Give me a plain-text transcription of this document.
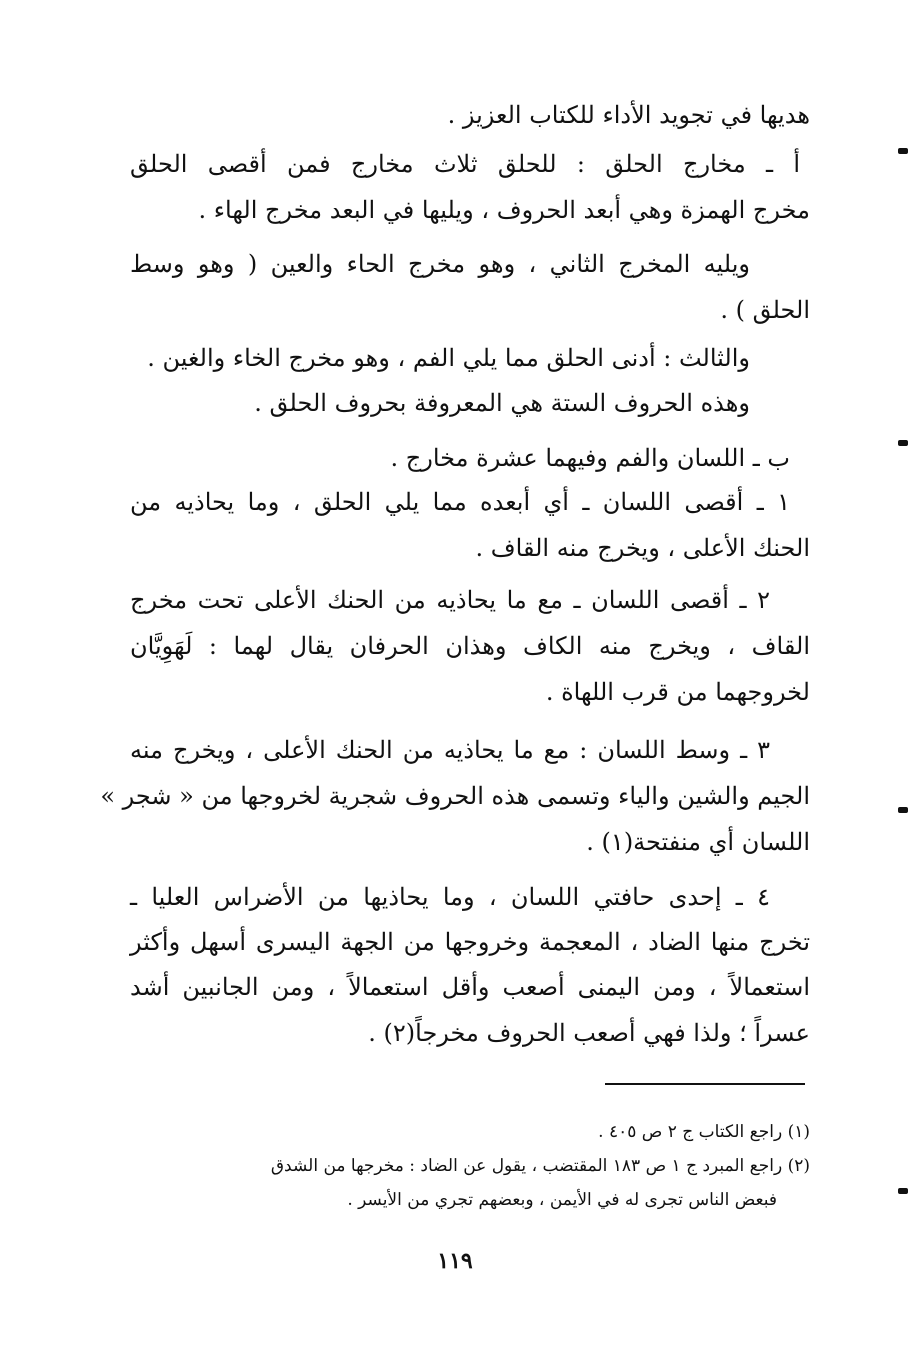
هديها في تجويد الأداء للكتاب العزيز .
أ ـ مخارج الحلق : للحلق ثلاث مخارج فمن أقصى الحلق
مخرج الهمزة وهي أبعد الحروف ، ويليها في البعد مخرج الهاء .
ويليه المخرج الثاني ، وهو مخرج الحاء والعين ( وهو وسط
الحلق ) .
والثالث : أدنى الحلق مما يلي الفم ، وهو مخرج الخاء والغين .
وهذه الحروف الستة هي المعروفة بحروف الحلق .
ب ـ اللسان والفم وفيهما عشرة مخارج .
١ ـ أقصى اللسان ـ أي أبعده مما يلي الحلق ، وما يحاذيه من
الحنك الأعلى ، ويخرج منه القاف .
٢ ـ أقصى اللسان ـ مع ما يحاذيه من الحنك الأعلى تحت مخرج
القاف ، ويخرج منه الكاف وهذان الحرفان يقال لهما : لَهَوِيَّان
لخروجهما من قرب اللهاة .
٣ ـ وسط اللسان : مع ما يحاذيه من الحنك الأعلى ، ويخرج منه
الجيم والشين والياء وتسمى هذه الحروف شجرية لخروجها من « شجر »
اللسان أي منفتحة(١) .
٤ ـ إحدى حافتي اللسان ، وما يحاذيها من الأضراس العليا ـ
تخرج منها الضاد ، المعجمة وخروجها من الجهة اليسرى أسهل وأكثر
استعمالاً ، ومن اليمنى أصعب وأقل استعمالاً ، ومن الجانبين أشد
عسراً ؛ ولذا فهي أصعب الحروف مخرجاً(٢) .
(١) راجع الكتاب ج ٢ ص ٤٠٥ .
(٢) راجع المبرد ج ١ ص ١٨٣ المقتضب ، يقول عن الضاد : مخرجها من الشدق
فبعض الناس تجرى له في الأيمن ، وبعضهم تجري من الأيسر .
١١٩
